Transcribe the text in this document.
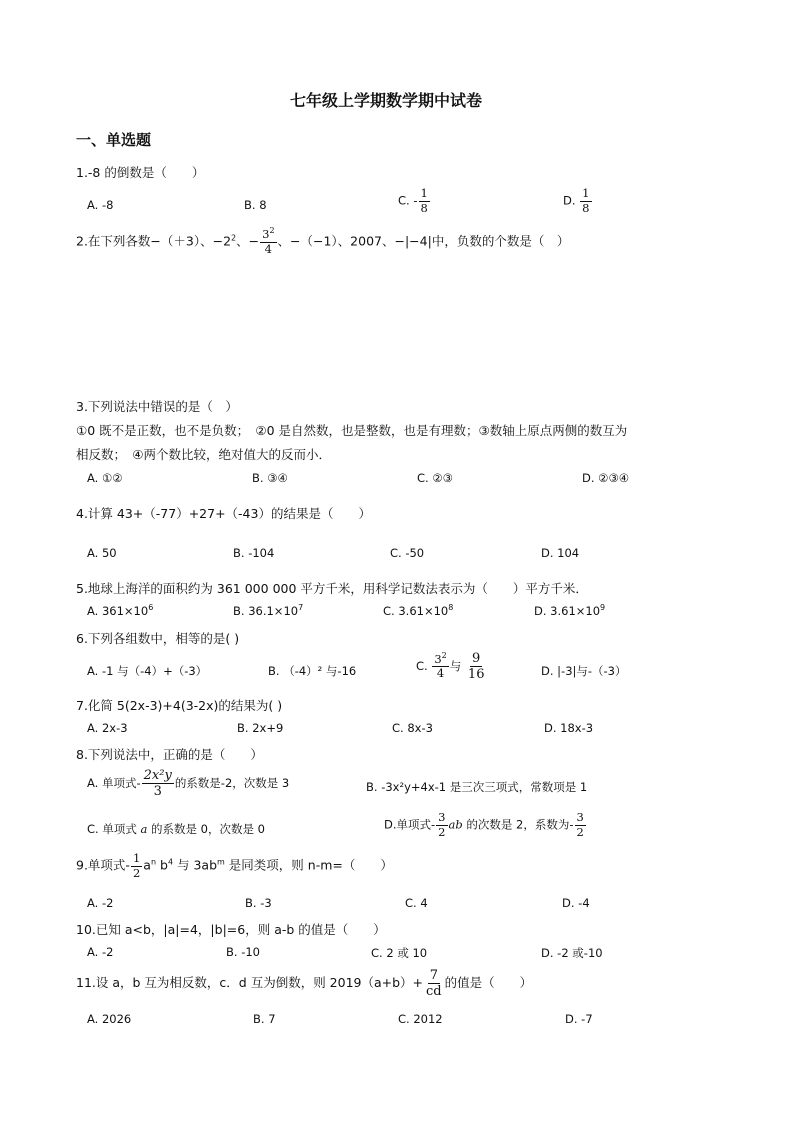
七年级上学期数学期中试卷
一、单选题
1.-8 的倒数是（　　）
A. -8	B. 8	C. - $\frac{1}{8}$	D. $\frac{1}{8}$
2.在下列各数−（＋3）、$-2^2$、− $\frac{3^2}{4}$ 、−（−1）、2007、−|−4|中，负数的个数是（　）
3.下列说法中错误的是（　）
①0 既不是正数，也不是负数；　②0 是自然数，也是整数，也是有理数；③数轴上原点两侧的数互为
相反数；　④两个数比较，绝对值大的反而小．
A. ①②	B. ③④	C. ②③	D. ②③④
4.计算 43+（-77）+27+（-43）的结果是（　　）
A. 50	B. -104	C. -50	D. 104
5.地球上海洋的面积约为 361 000 000 平方千米，用科学记数法表示为（　　）平方千米．
A. $361\times 10^6$	B. $36.1\times 10^7$	C. $3.61\times 10^8$	D. $3.61\times 10^9$
6.下列各组数中，相等的是( )
A. -1 与（-4）+（-3）	B. （-4）² 与-16	C. $\frac{3^2}{4}$ 与 $\frac{9}{16}$	D. |-3|与-（-3）
7.化简 5(2x-3)+4(3-2x)的结果为( )
A. 2x-3	B. 2x+9	C. 8x-3	D. 18x-3
8.下列说法中，正确的是（　　）
A. 单项式- $\frac{\text{2x²y}}{3}$ 的系数是-2，次数是 3	B. -3x²y+4x-1 是三次三项式，常数项是 1
C. 单项式 a 的系数是 0，次数是 0	D.单项式- $\frac{3}{2}$ ab 的次数是 2，系数为- $\frac{3}{2}$
9.单项式- $\frac{1}{2} a^n$ $b^4$ 与 $3ab^m$ 是同类项，则 n-m=（　　）
A. -2	B. -3	C. 4	D. -4
10.已知 a<b，|a|=4，|b|=6，则 a-b 的值是（　　）
A. -2	B. -10	C. 2 或 10	D. -2 或-10
11.设 a，b 互为相反数，c．d 互为倒数，则 $2019(a+b)+ \frac{7}{cd}$ 的值是（　　）
A. 2026	B. 7	C. 2012	D. -7
